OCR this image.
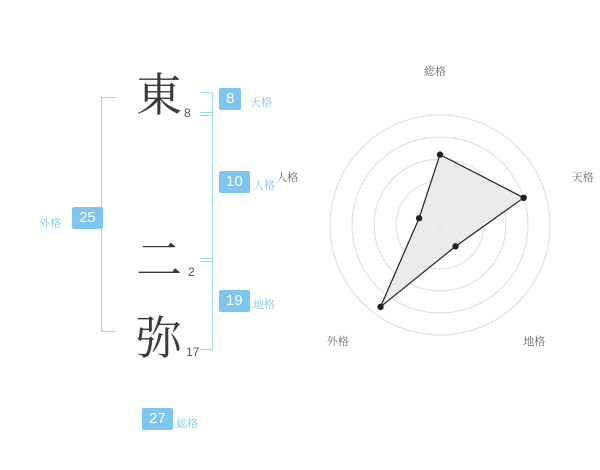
東 8
二 2
弥 17
8	天格
10 人格
19 地格
25
外格
27 総格
総格
天格
地格
外格
人格
